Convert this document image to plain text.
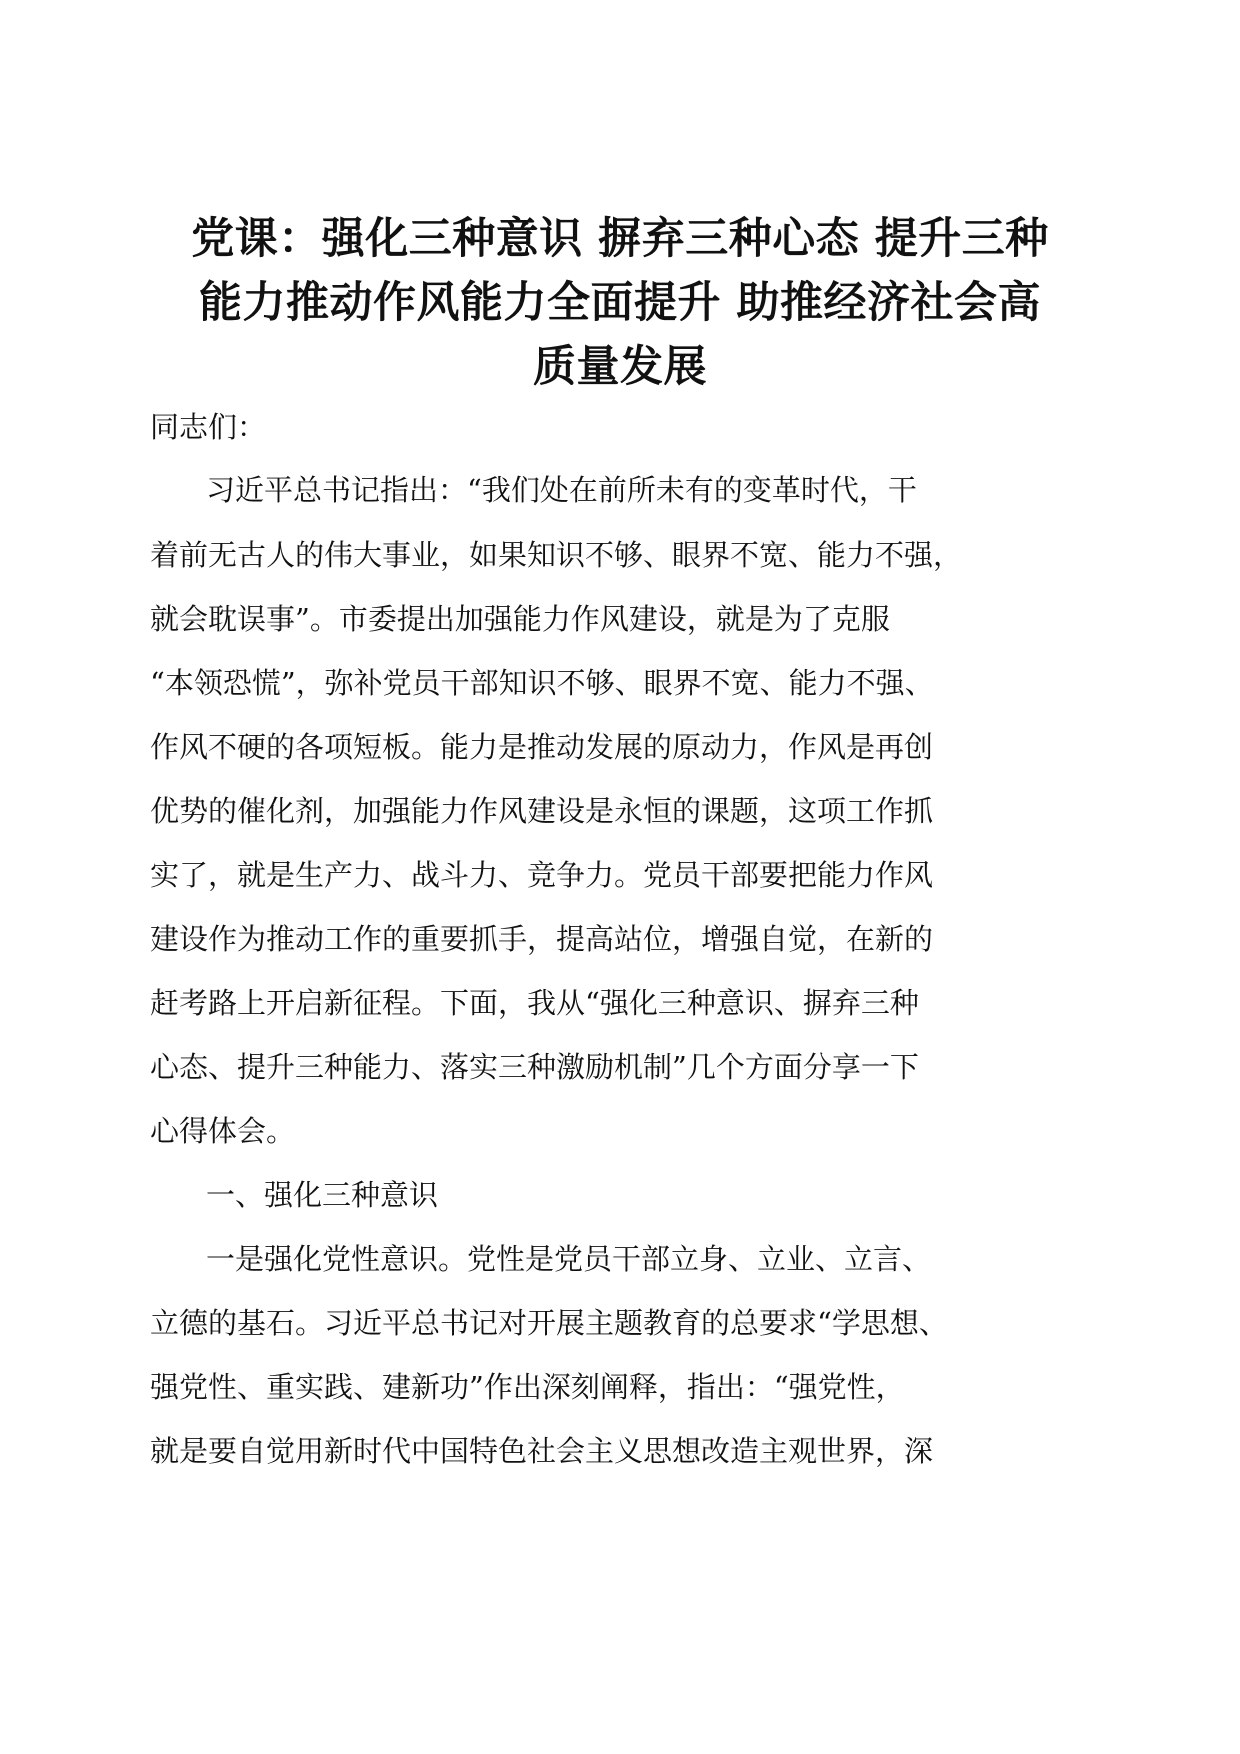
党课：强化三种意识 摒弃三种心态 提升三种
能力推动作风能力全面提升 助推经济社会高
质量发展

同志们：

习近平总书记指出：“我们处在前所未有的变革时代，干

着前无古人的伟大事业，如果知识不够、眼界不宽、能力不强，

就会耽误事”。市委提出加强能力作风建设，就是为了克服

“本领恐慌”，弥补党员干部知识不够、眼界不宽、能力不强、

作风不硬的各项短板。能力是推动发展的原动力，作风是再创

优势的催化剂，加强能力作风建设是永恒的课题，这项工作抓

实了，就是生产力、战斗力、竞争力。党员干部要把能力作风

建设作为推动工作的重要抓手，提高站位，增强自觉，在新的

赶考路上开启新征程。下面，我从“强化三种意识、摒弃三种

心态、提升三种能力、落实三种激励机制”几个方面分享一下

心得体会。

一、强化三种意识

一是强化党性意识。党性是党员干部立身、立业、立言、

立德的基石。习近平总书记对开展主题教育的总要求“学思想、

强党性、重实践、建新功”作出深刻阐释，指出：“强党性，

就是要自觉用新时代中国特色社会主义思想改造主观世界，深
